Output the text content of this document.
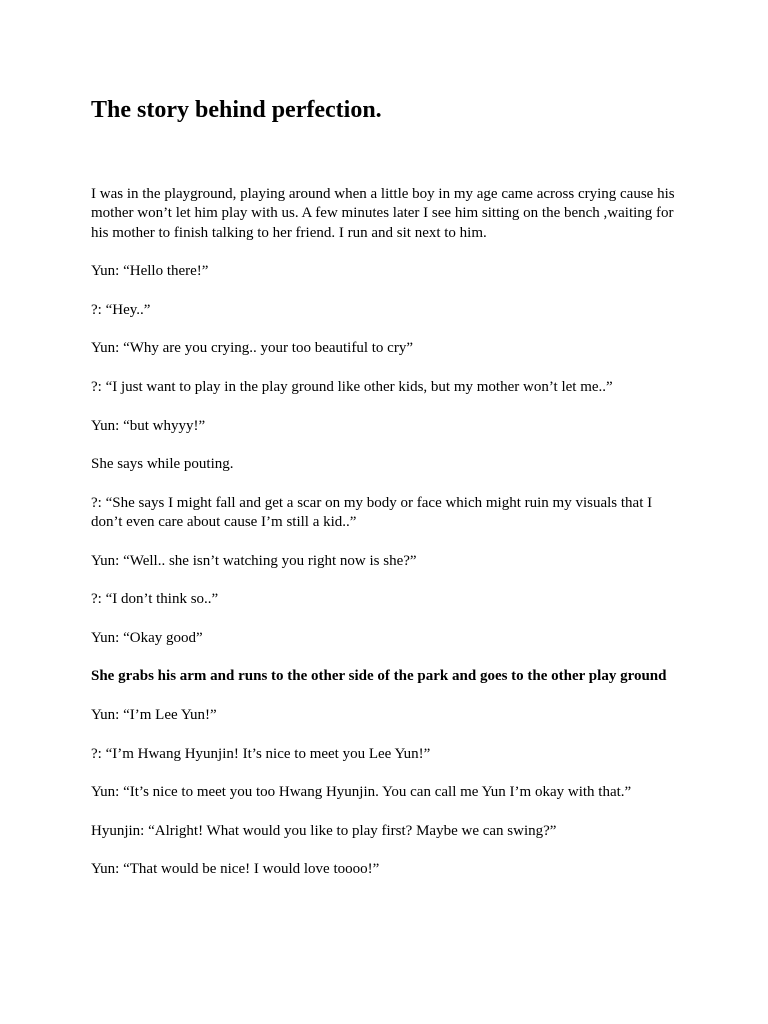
The story behind perfection.

I was in the playground, playing around when a little boy in my age came across crying cause his mother won’t let him play with us. A few minutes later I see him sitting on the bench ,waiting for his mother to finish talking to her friend. I run and sit next to him.

Yun: “Hello there!”

?: “Hey..”

Yun: “Why are you crying.. your too beautiful to cry”

?: “I just want to play in the play ground like other kids, but my mother won’t let me..”

Yun: “but whyyy!”

She says while pouting.

?: “She says I might fall and get a scar on my body or face which might ruin my visuals that I don’t even care about cause I’m still a kid..”

Yun: “Well.. she isn’t watching you right now is she?”

?: “I don’t think so..”

Yun: “Okay good”

She grabs his arm and runs to the other side of the park and goes to the other play ground

Yun: “I’m Lee Yun!”

?: “I’m Hwang Hyunjin! It’s nice to meet you Lee Yun!”

Yun: “It’s nice to meet you too Hwang Hyunjin. You can call me Yun I’m okay with that.”

Hyunjin: “Alright! What would you like to play first? Maybe we can swing?”

Yun: “That would be nice! I would love toooo!”
